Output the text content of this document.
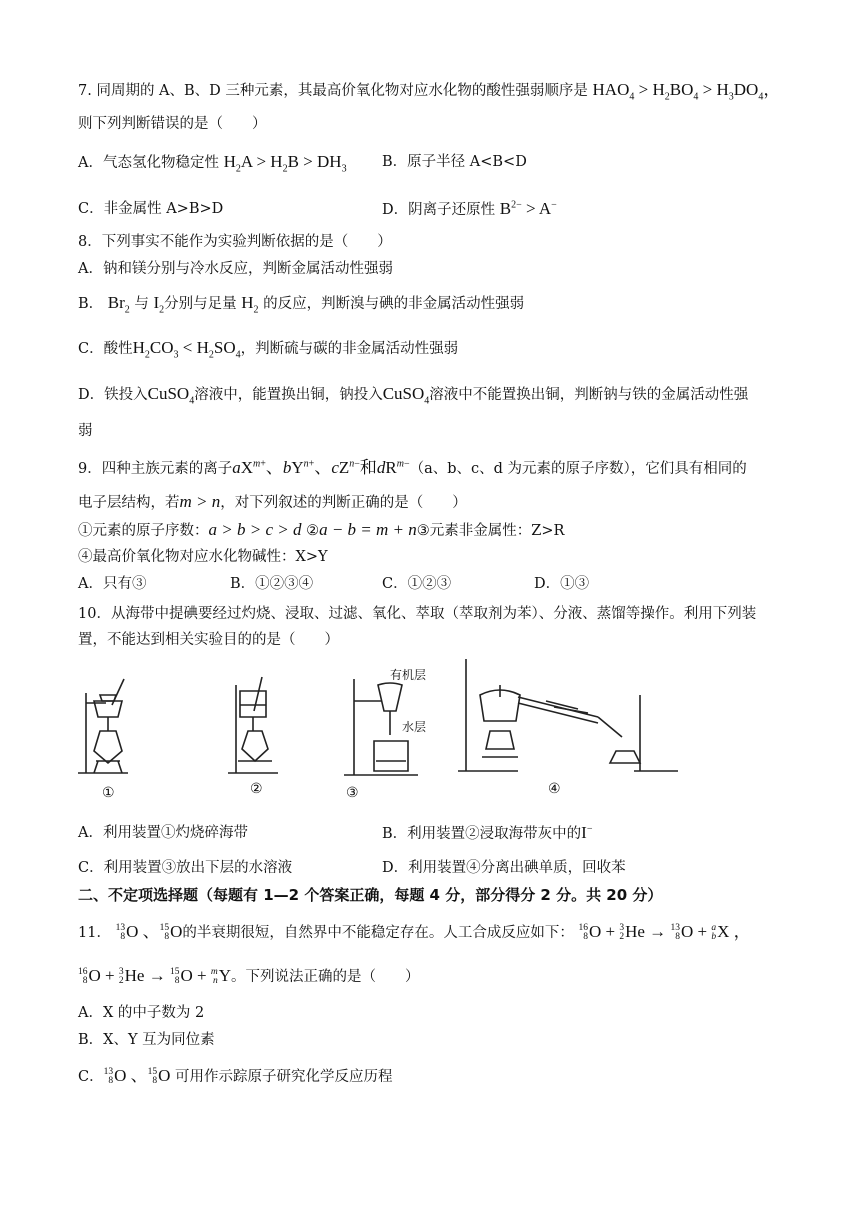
7. 同周期的 A、B、D 三种元素，其最高价氧化物对应水化物的酸性强弱顺序是 $HAO_4 > H_2BO_4 > H_3DO_4$，
则下列判断错误的是（　　）
A．气态氢化物稳定性 $H_2A > H_2B > DH_3$ B．原子半径 A<B<D
C．非金属性 A>B>D	D．阴离子还原性 $B^{2-} > A^-$
8．下列事实不能作为实验判断依据的是（　　）
A．钠和镁分别与冷水反应，判断金属活动性强弱
B． $Br_2$ 与 $I_2$分别与足量 $H_2$ 的反应，判断溴与碘的非金属活动性强弱
C．酸性$H_2CO_3 < H_2SO_4$，判断硫与碳的非金属活动性强弱
D．铁投入CuSO$_4$溶液中，能置换出铜，钠投入CuSO$_4$溶液中不能置换出铜，判断钠与铁的金属活动性强
弱
9．四种主族元素的离子$aX^{m+}$、$bY^{n+}$、$cZ^{n-}$和$dR^{m-}(a$、b、c、d 为元素的原子序数），它们具有相同的
电子层结构，若m > n，对下列叙述的判断正确的是（　　）
①元素的原子序数：a > b > c > d ②a − b = m + n③元素非金属性：Z>R
④最高价氧化物对应水化物碱性：X>Y
A．只有③	B．①②③④	C．①②③	D．①③
10．从海带中提碘要经过灼烧、浸取、过滤、氧化、萃取（萃取剂为苯）、分液、蒸馏等操作。利用下列装
置，不能达到相关实验目的的是（　　）
①	②
有机层
水层
③	④
A．利用装置①灼烧碎海带	B．利用装置②浸取海带灰中的I−
C．利用装置③放出下层的水溶液	D．利用装置④分离出碘单质，回收苯
二、不定项选择题（每题有 1—2 个答案正确，每题 4 分，部分得分 2 分。共 20 分）
11． 13
8 O 、 15
8 O的半衰期很短，自然界中不能稳定存在。人工合成反应如下： 16
8 O + 3
2 He → 13
8 O + a
b X ，
16
8 O + 3
2 He → 15
8 O + m
n Y。下列说法正确的是（　　）
A．X 的中子数为 2
B．X、Y 互为同位素
C． 13
8 O 、 15
8 O 可用作示踪原子研究化学反应历程
